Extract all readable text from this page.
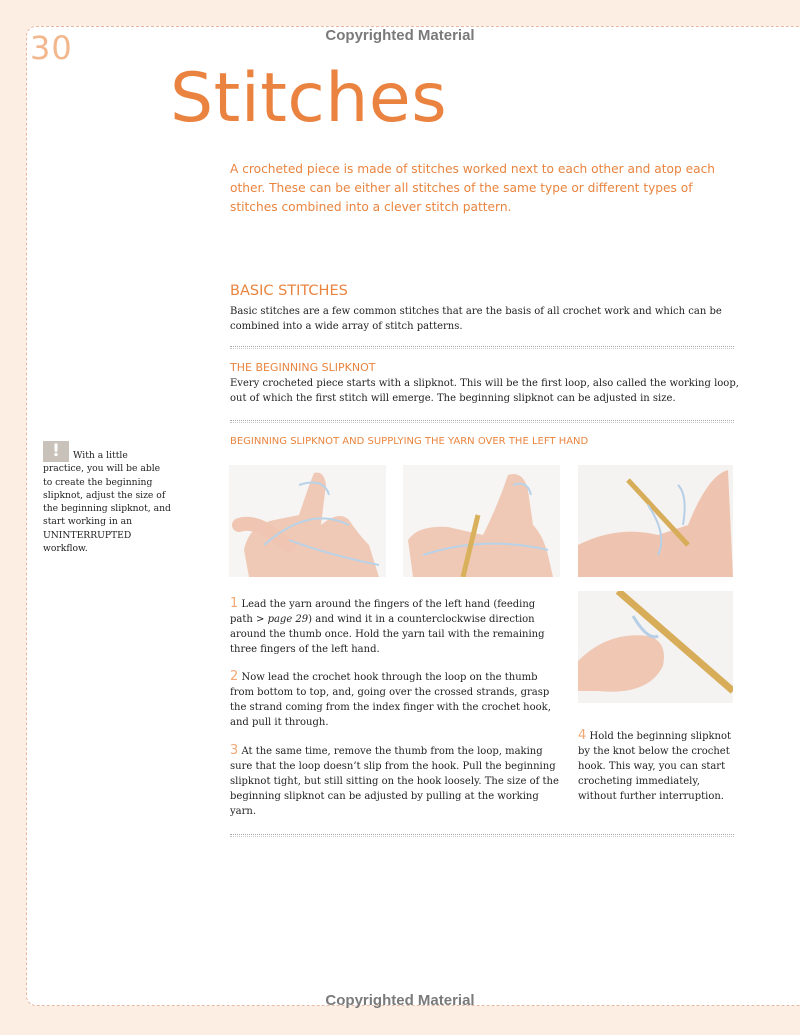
Copyrighted Material
Copyrighted Material
30
Stitches
A crocheted piece is made of stitches worked next to each other and atop each other. These can be either all stitches of the same type or different types of stitches combined into a clever stitch pattern.
BASIC STITCHES
Basic stitches are a few common stitches that are the basis of all crochet work and which can be combined into a wide array of stitch patterns.
THE BEGINNING SLIPKNOT
Every crocheted piece starts with a slipknot. This will be the first loop, also called the working loop, out of which the first stitch will emerge. The beginning slipknot can be adjusted in size.
BEGINNING SLIPKNOT AND SUPPLYING THE YARN OVER THE LEFT HAND
!	With a little practice, you will be able to create the beginning slipknot, adjust the size of the beginning slipknot, and start working in an UNINTERRUPTED workflow.
1 Lead the yarn around the fingers of the left hand (feeding path > page 29) and wind it in a counterclockwise direction around the thumb once. Hold the yarn tail with the remaining three fingers of the left hand.
2 Now lead the crochet hook through the loop on the thumb from bottom to top, and, going over the crossed strands, grasp the strand coming from the index finger with the crochet hook, and pull it through.
3 At the same time, remove the thumb from the loop, making sure that the loop doesn’t slip from the hook. Pull the beginning slipknot tight, but still sitting on the hook loosely. The size of the beginning slipknot can be adjusted by pulling at the working yarn.
4 Hold the beginning slipknot by the knot below the crochet hook. This way, you can start crocheting immediately, without further interruption.
